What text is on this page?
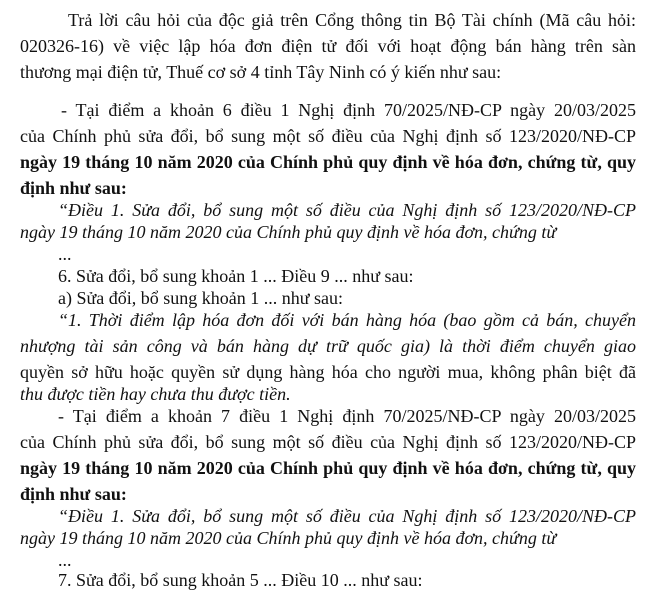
Trả lời câu hỏi của độc giả trên Cổng thông tin Bộ Tài chính (Mã câu hỏi:
020326-16) về việc lập hóa đơn điện tử đối với hoạt động bán hàng trên sàn
thương mại điện tử, Thuế cơ sở 4 tỉnh Tây Ninh có ý kiến như sau:
- Tại điểm a khoản 6 điều 1 Nghị định 70/2025/NĐ-CP ngày 20/03/2025
của Chính phủ sửa đổi, bổ sung một số điều của Nghị định số 123/2020/NĐ-CP
ngày 19 tháng 10 năm 2020 của Chính phủ quy định về hóa đơn, chứng từ, quy
định như sau:
“Điều 1. Sửa đổi, bổ sung một số điều của Nghị định số 123/2020/NĐ-CP
ngày 19 tháng 10 năm 2020 của Chính phủ quy định về hóa đơn, chứng từ
...
6. Sửa đổi, bổ sung khoản 1 ... Điều 9 ... như sau:
a) Sửa đổi, bổ sung khoản 1 ... như sau:
“1. Thời điểm lập hóa đơn đối với bán hàng hóa (bao gồm cả bán, chuyển
nhượng tài sản công và bán hàng dự trữ quốc gia) là thời điểm chuyển giao
quyền sở hữu hoặc quyền sử dụng hàng hóa cho người mua, không phân biệt đã
thu được tiền hay chưa thu được tiền.
- Tại điểm a khoản 7 điều 1 Nghị định 70/2025/NĐ-CP ngày 20/03/2025
của Chính phủ sửa đổi, bổ sung một số điều của Nghị định số 123/2020/NĐ-CP
ngày 19 tháng 10 năm 2020 của Chính phủ quy định về hóa đơn, chứng từ, quy
định như sau:
“Điều 1. Sửa đổi, bổ sung một số điều của Nghị định số 123/2020/NĐ-CP
ngày 19 tháng 10 năm 2020 của Chính phủ quy định về hóa đơn, chứng từ
...
7. Sửa đổi, bổ sung khoản 5 ... Điều 10 ... như sau:
